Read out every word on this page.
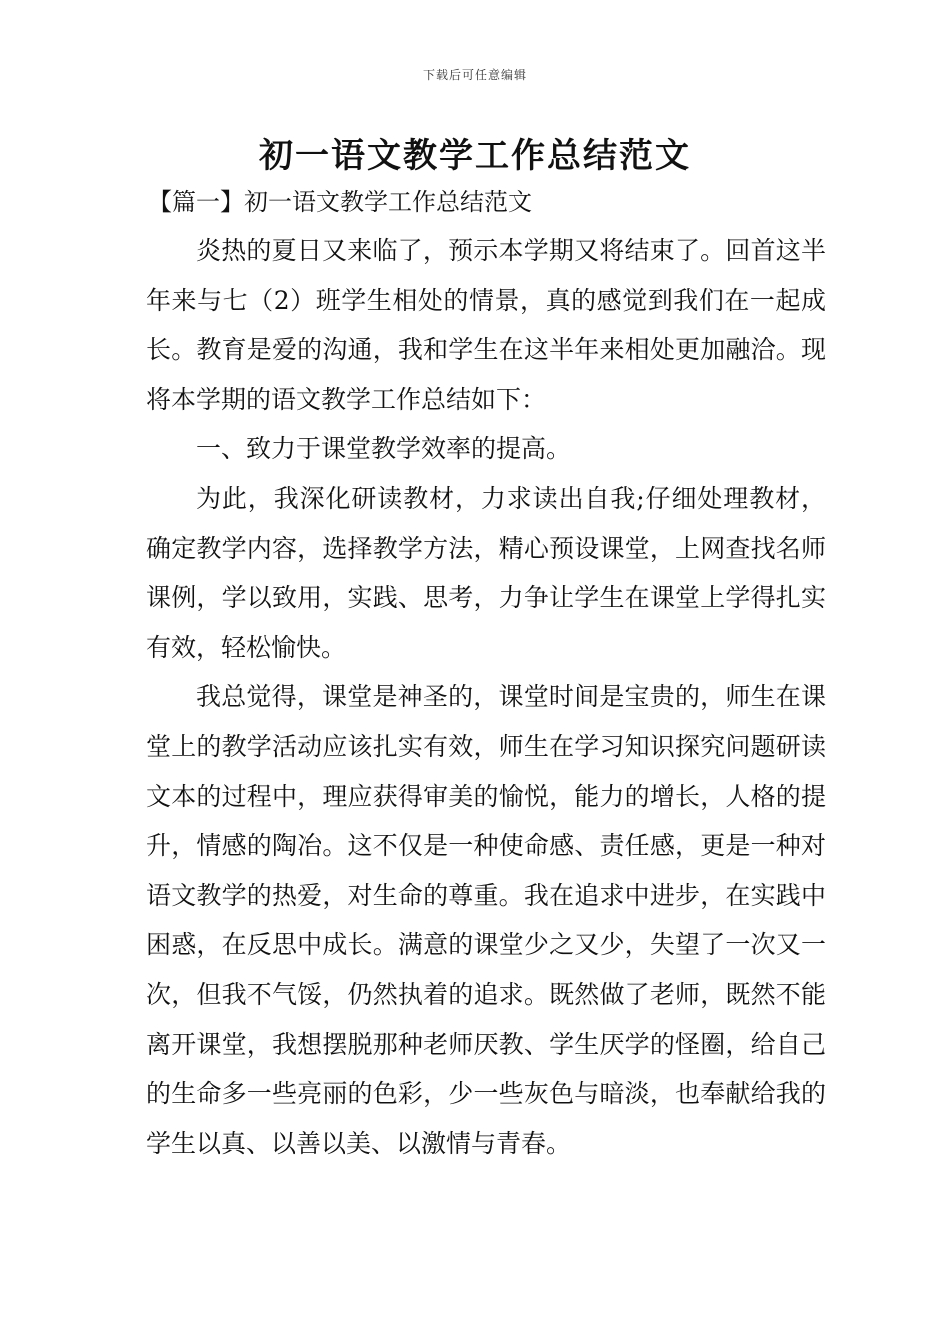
下载后可任意编辑
初一语文教学工作总结范文
【篇一】初一语文教学工作总结范文

炎热的夏日又来临了，预示本学期又将结束了。回首这半年来与七（2）班学生相处的情景，真的感觉到我们在一起成长。教育是爱的沟通，我和学生在这半年来相处更加融洽。现将本学期的语文教学工作总结如下：

一、致力于课堂教学效率的提高。

为此，我深化研读教材，力求读出自我;仔细处理教材，确定教学内容，选择教学方法，精心预设课堂，上网查找名师课例，学以致用，实践、思考，力争让学生在课堂上学得扎实有效，轻松愉快。

我总觉得，课堂是神圣的，课堂时间是宝贵的，师生在课堂上的教学活动应该扎实有效，师生在学习知识探究问题研读文本的过程中，理应获得审美的愉悦，能力的增长，人格的提升，情感的陶冶。这不仅是一种使命感、责任感，更是一种对语文教学的热爱，对生命的尊重。我在追求中进步，在实践中困惑，在反思中成长。满意的课堂少之又少，失望了一次又一次，但我不气馁，仍然执着的追求。既然做了老师，既然不能离开课堂，我想摆脱那种老师厌教、学生厌学的怪圈，给自己的生命多一些亮丽的色彩，少一些灰色与暗淡，也奉献给我的学生以真、以善以美、以激情与青春。
